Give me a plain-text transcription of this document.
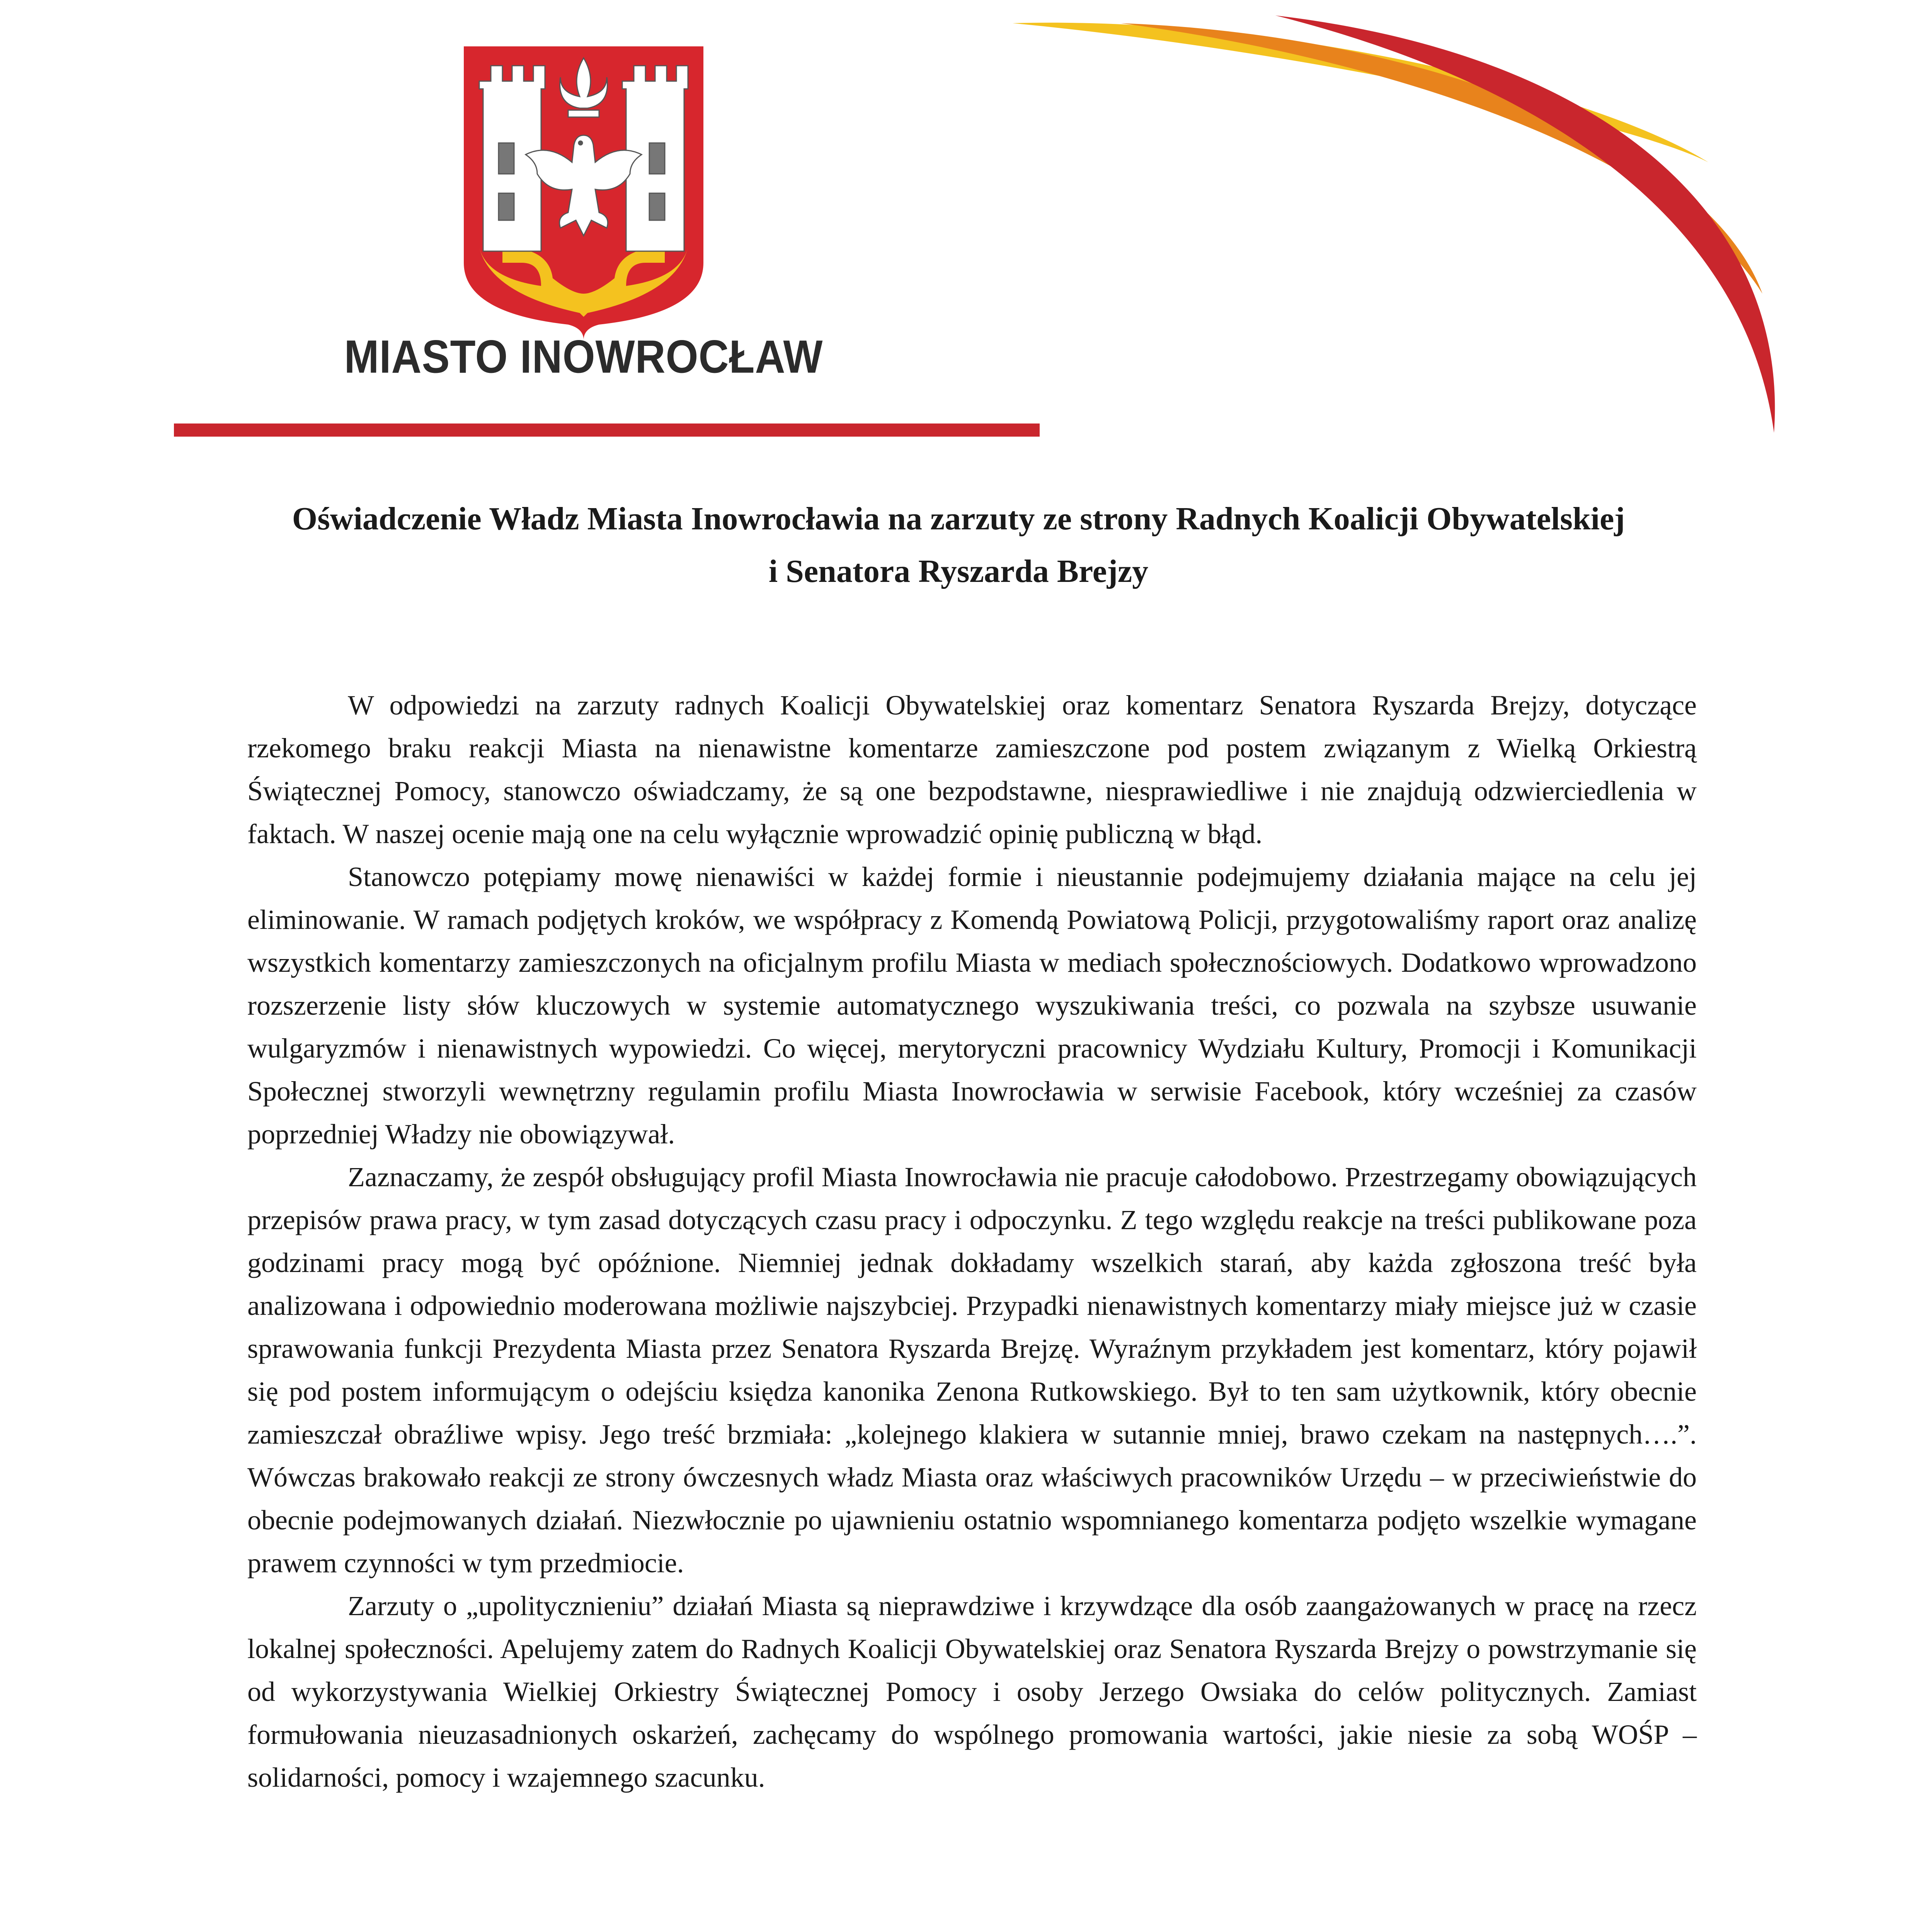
MIASTO INOWROCŁAW
Oświadczenie Władz Miasta Inowrocławia na zarzuty ze strony Radnych Koalicji Obywatelskiej
i Senatora Ryszarda Brejzy

W odpowiedzi na zarzuty radnych Koalicji Obywatelskiej oraz komentarz Senatora Ryszarda Brejzy, dotyczące rzekomego braku reakcji Miasta na nienawistne komentarze zamieszczone pod postem związanym z Wielką Orkiestrą Świątecznej Pomocy, stanowczo oświadczamy, że są one bezpodstawne, niesprawiedliwe i nie znajdują odzwierciedlenia w faktach. W naszej ocenie mają one na celu wyłącznie wprowadzić opinię publiczną w błąd.

Stanowczo potępiamy mowę nienawiści w każdej formie i nieustannie podejmujemy działania mające na celu jej eliminowanie. W ramach podjętych kroków, we współpracy z Komendą Powiatową Policji, przygotowaliśmy raport oraz analizę wszystkich komentarzy zamieszczonych na oficjalnym profilu Miasta w mediach społecznościowych. Dodatkowo wprowadzono rozszerzenie listy słów kluczowych w systemie automatycznego wyszukiwania treści, co pozwala na szybsze usuwanie wulgaryzmów i nienawistnych wypowiedzi. Co więcej, merytoryczni pracownicy Wydziału Kultury, Promocji i Komunikacji Społecznej stworzyli wewnętrzny regulamin profilu Miasta Inowrocławia w serwisie Facebook, który wcześniej za czasów poprzedniej Władzy nie obowiązywał.

Zaznaczamy, że zespół obsługujący profil Miasta Inowrocławia nie pracuje całodobowo. Przestrzegamy obowiązujących przepisów prawa pracy, w tym zasad dotyczących czasu pracy i odpoczynku. Z tego względu reakcje na treści publikowane poza godzinami pracy mogą być opóźnione. Niemniej jednak dokładamy wszelkich starań, aby każda zgłoszona treść była analizowana i odpowiednio moderowana możliwie najszybciej. Przypadki nienawistnych komentarzy miały miejsce już w czasie sprawowania funkcji Prezydenta Miasta przez Senatora Ryszarda Brejzę. Wyraźnym przykładem jest komentarz, który pojawił się pod postem informującym o odejściu księdza kanonika Zenona Rutkowskiego. Był to ten sam użytkownik, który obecnie zamieszczał obraźliwe wpisy. Jego treść brzmiała: „kolejnego klakiera w sutannie mniej, brawo czekam na następnych….”. Wówczas brakowało reakcji ze strony ówczesnych władz Miasta oraz właściwych pracowników Urzędu – w przeciwieństwie do obecnie podejmowanych działań. Niezwłocznie po ujawnieniu ostatnio wspomnianego komentarza podjęto wszelkie wymagane prawem czynności w tym przedmiocie.

Zarzuty o „upolitycznieniu” działań Miasta są nieprawdziwe i krzywdzące dla osób zaangażowanych w pracę na rzecz lokalnej społeczności. Apelujemy zatem do Radnych Koalicji Obywatelskiej oraz Senatora Ryszarda Brejzy o powstrzymanie się od wykorzystywania Wielkiej Orkiestry Świątecznej Pomocy i osoby Jerzego Owsiaka do celów politycznych. Zamiast formułowania nieuzasadnionych oskarżeń, zachęcamy do wspólnego promowania wartości, jakie niesie za sobą WOŚP – solidarności, pomocy i wzajemnego szacunku.
